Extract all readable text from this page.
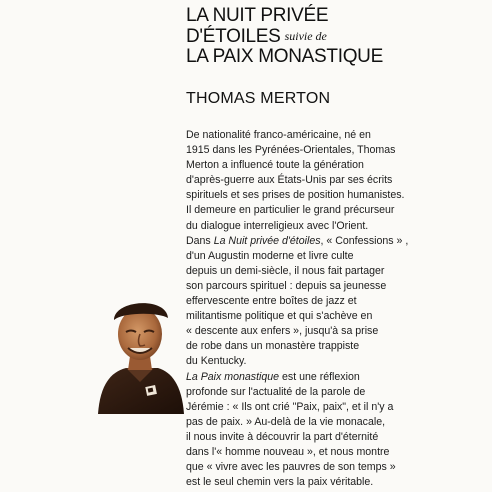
LA NUIT PRIVÉE
D'ÉTOILES suivie de
LA PAIX MONASTIQUE
THOMAS MERTON
De nationalité franco-américaine, né en
1915 dans les Pyrénées-Orientales, Thomas
Merton a influencé toute la génération
d'après-guerre aux États-Unis par ses écrits
spirituels et ses prises de position humanistes.
Il demeure en particulier le grand précurseur
du dialogue interreligieux avec l'Orient.
Dans La Nuit privée d'étoiles, « Confessions » ,
d'un Augustin moderne et livre culte
depuis un demi-siècle, il nous fait partager
son parcours spirituel : depuis sa jeunesse
effervescente entre boîtes de jazz et
militantisme politique et qui s'achève en
« descente aux enfers », jusqu'à sa prise
de robe dans un monastère trappiste
du Kentucky.
La Paix monastique est une réflexion
profonde sur l'actualité de la parole de
Jérémie : « Ils ont crié "Paix, paix", et il n'y a
pas de paix. » Au-delà de la vie monacale,
il nous invite à découvrir la part d'éternité
dans l'« homme nouveau », et nous montre
que « vivre avec les pauvres de son temps »
est le seul chemin vers la paix véritable.
